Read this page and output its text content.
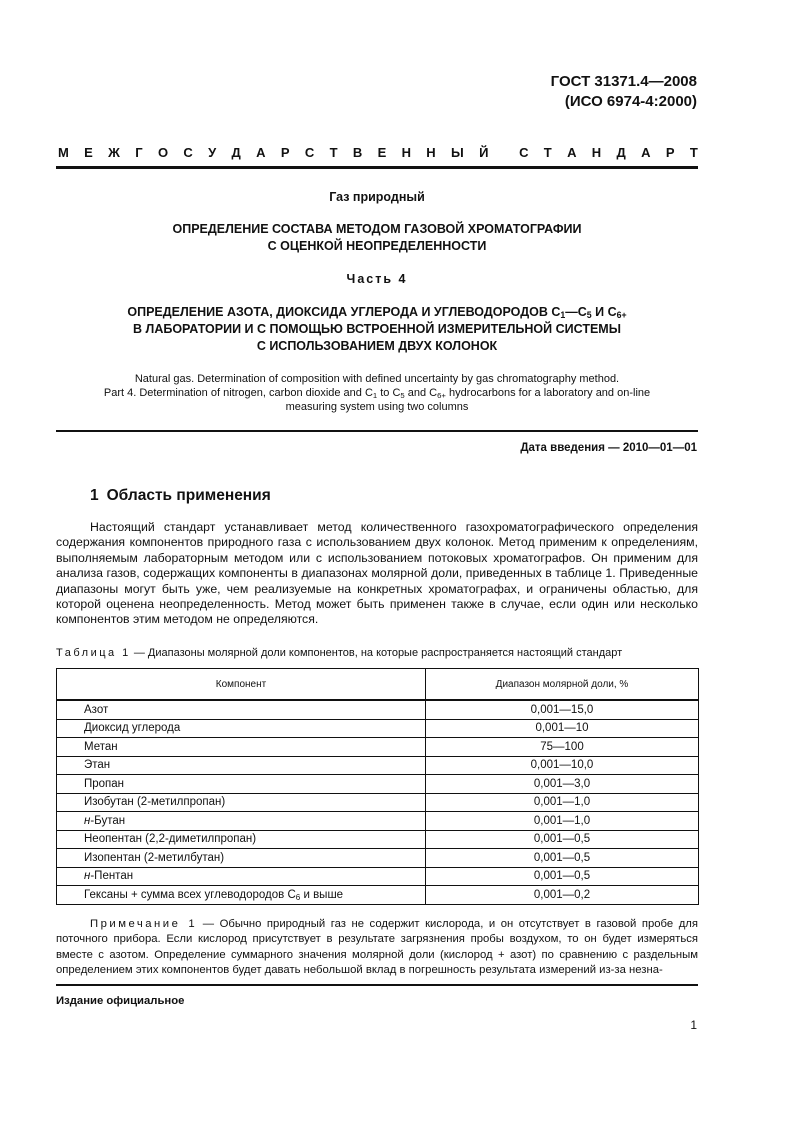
ГОСТ 31371.4—2008
(ИСО 6974-4:2000)
М Е Ж Г О С У Д А Р С Т В Е Н Н Ы Й С Т А Н Д А Р Т
Газ природный
ОПРЕДЕЛЕНИЕ СОСТАВА МЕТОДОМ ГАЗОВОЙ ХРОМАТОГРАФИИ
С ОЦЕНКОЙ НЕОПРЕДЕЛЕННОСТИ
Часть 4
ОПРЕДЕЛЕНИЕ АЗОТА, ДИОКСИДА УГЛЕРОДА И УГЛЕВОДОРОДОВ $С_1—С_5$ И $С_{6+}$
В ЛАБОРАТОРИИ И С ПОМОЩЬЮ ВСТРОЕННОЙ ИЗМЕРИТЕЛЬНОЙ СИСТЕМЫ
С ИСПОЛЬЗОВАНИЕМ ДВУХ КОЛОНОК
Natural gas. Determination of composition with defined uncertainty by gas chromatography method.
Part 4. Determination of nitrogen, carbon dioxide and $C_1$ to $C_5$ and $C_{6+}$ hydrocarbons for a laboratory and on-line
measuring system using two columns
Дата введения — 2010—01—01
1 Область применения
Настоящий стандарт устанавливает метод количественного газохроматографического определения содержания компонентов природного газа с использованием двух колонок. Метод применим к определениям, выполняемым лабораторным методом или с использованием потоковых хроматографов. Он применим для анализа газов, содержащих компоненты в диапазонах молярной доли, приведенных в таблице 1. Приведенные диапазоны могут быть уже, чем реализуемые на конкретных хроматографах, и ограничены областью, для которой оценена неопределенность. Метод может быть применен также в случае, если один или несколько компонентов этим методом не определяются.
Таблица 1 — Диапазоны молярной доли компонентов, на которые распространяется настоящий стандарт
Компонент	Диапазон молярной доли, %
Азот	0,001—15,0
Диоксид углерода	0,001—10
Метан	75—100
Этан	0,001—10,0
Пропан	0,001—3,0
Изобутан (2-метилпропан)	0,001—1,0
н-Бутан	0,001—1,0
Неопентан (2,2-диметилпропан)	0,001—0,5
Изопентан (2-метилбутан)	0,001—0,5
н-Пентан	0,001—0,5
Гексаны + сумма всех углеводородов $С_6$ и выше	0,001—0,2
Примечание 1 — Обычно природный газ не содержит кислорода, и он отсутствует в газовой пробе для поточного прибора. Если кислород присутствует в результате загрязнения пробы воздухом, то он будет измеряться вместе с азотом. Определение суммарного значения молярной доли (кислород + азот) по сравнению с раздельным определением этих компонентов будет давать небольшой вклад в погрешность результата измерений из-за незна-
Издание официальное
1
